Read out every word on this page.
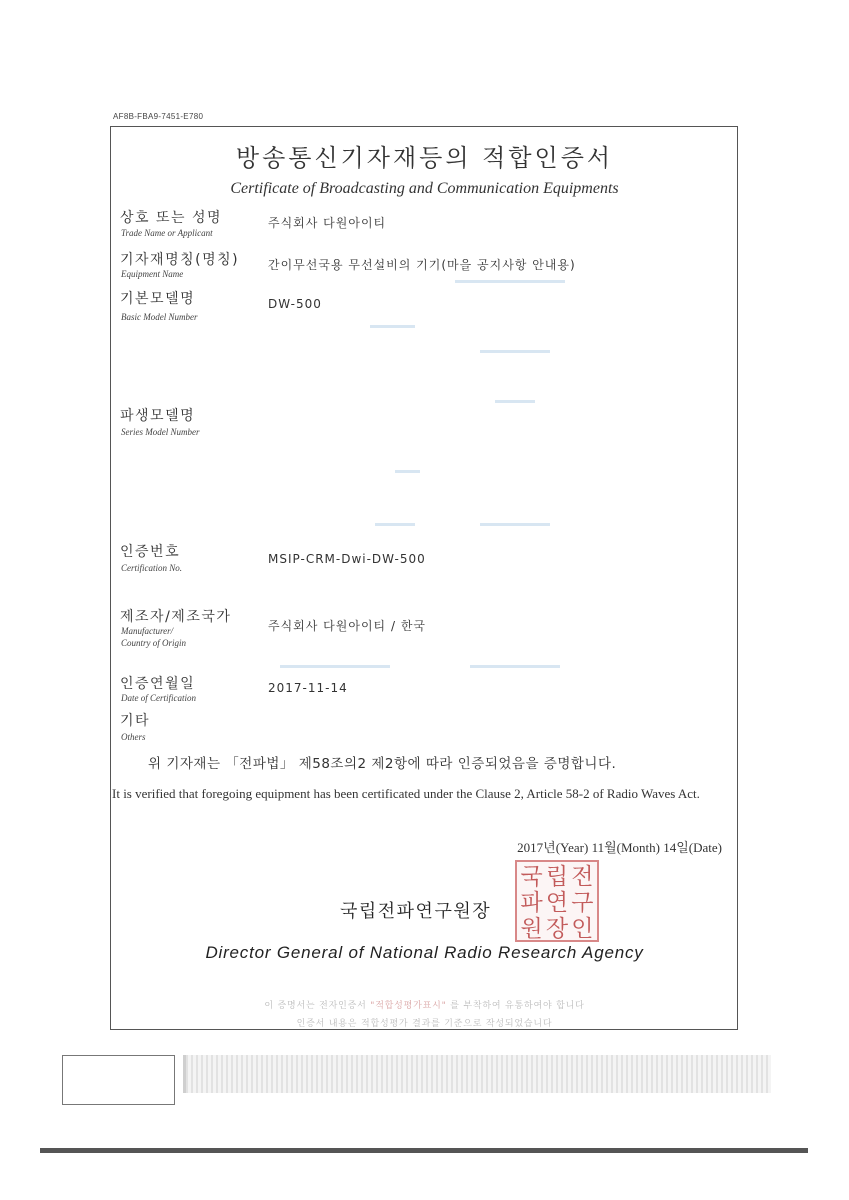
AF8B-FBA9-7451-E780
방송통신기자재등의 적합인증서
Certificate of Broadcasting and Communication Equipments
상호 또는 성명
Trade Name or Applicant
주식회사 다원아이티
기자재명칭(명칭)
Equipment Name
간이무선국용 무선설비의 기기(마을 공지사항 안내용)
기본모델명
Basic Model Number
DW-500
파생모델명
Series Model Number
인증번호
Certification No.
MSIP-CRM-Dwi-DW-500
제조자/제조국가
Manufacturer/
Country of Origin
주식회사 다원아이티 / 한국
인증연월일
Date of Certification
2017-11-14
기타
Others
위 기자재는 「전파법」 제58조의2 제2항에 따라 인증되었음을 증명합니다.
It is verified that foregoing equipment has been certificated under the Clause 2, Article 58-2 of Radio Waves Act.
2017년(Year) 11월(Month) 14일(Date)
국립전파연구원장
국 립 전
파 연 구
원 장 인
Director General of National Radio Research Agency
이 증명서는 전자인증서 "적합성평가표시" 를 부착하여 유통하여야 합니다
인증서 내용은 적합성평가 결과를 기준으로 작성되었습니다
